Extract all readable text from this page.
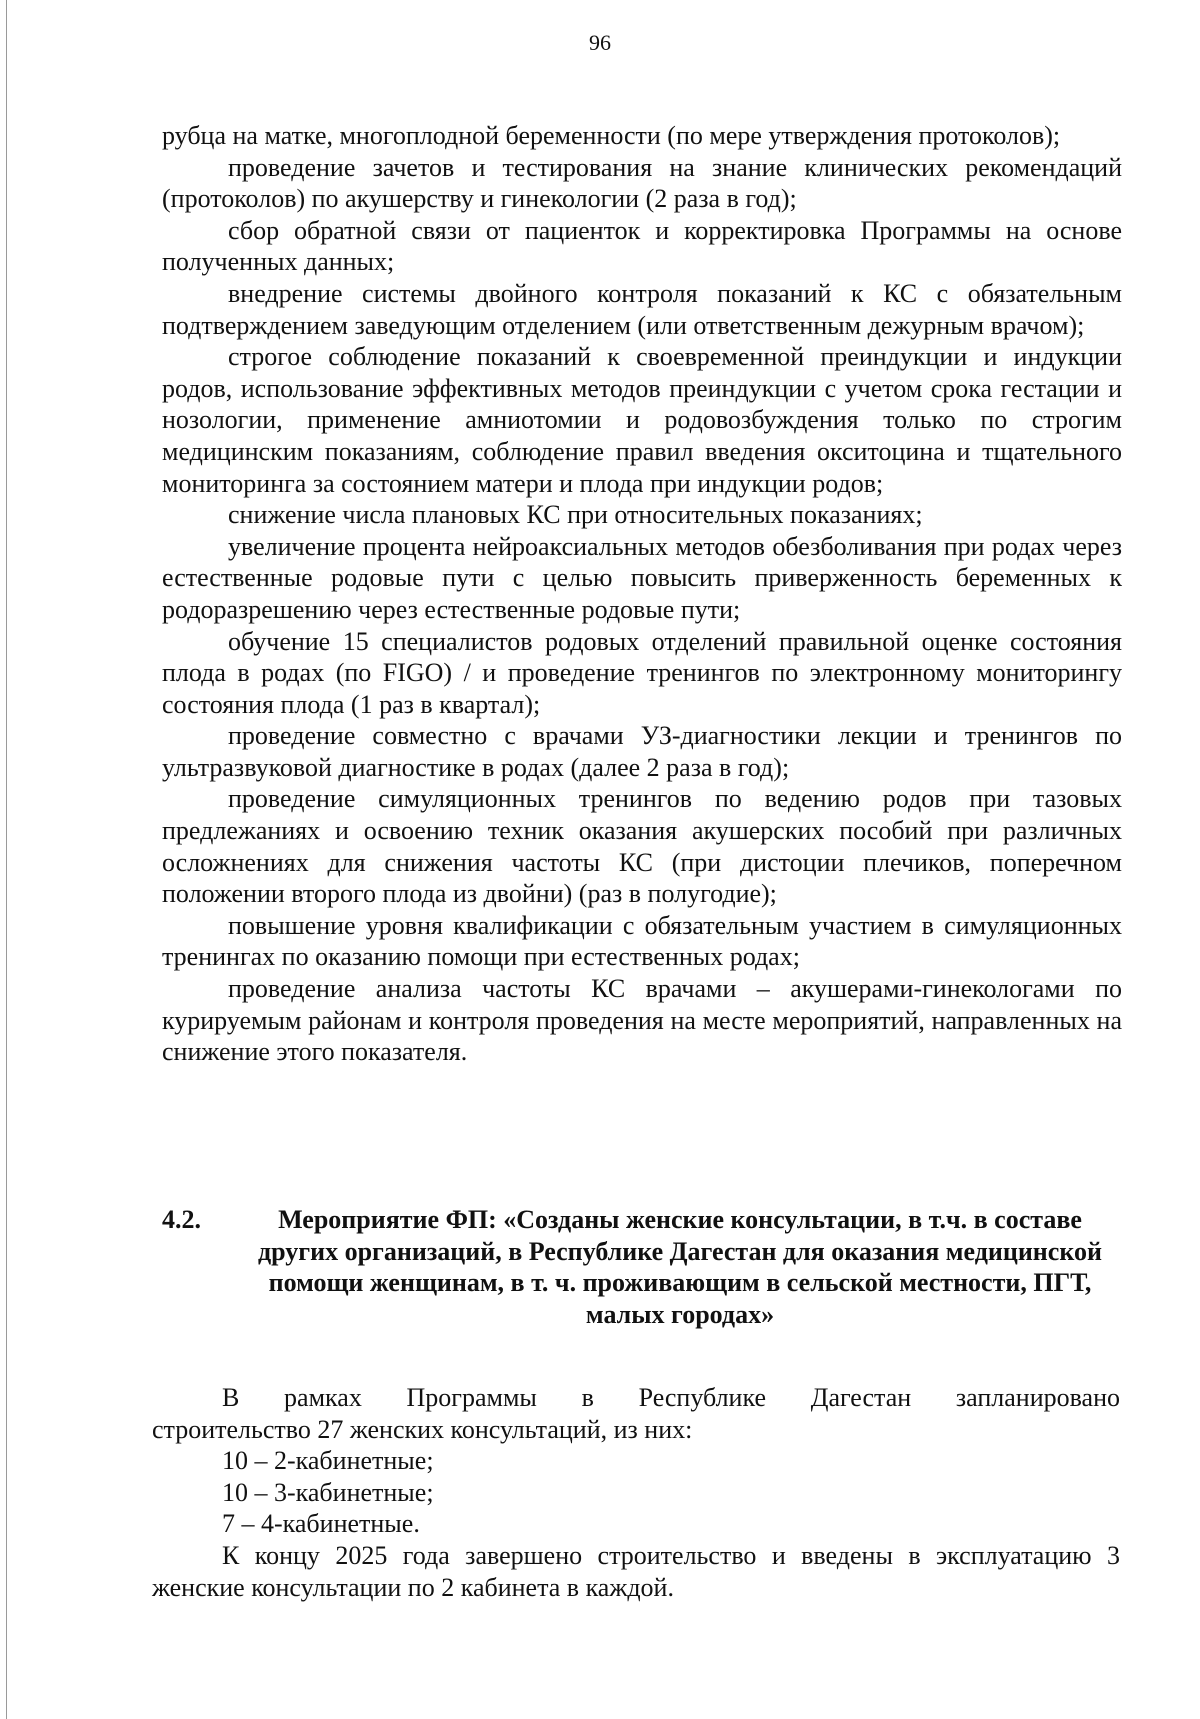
96

рубца на матке, многоплодной беременности (по мере утверждения протоколов);

проведение зачетов и тестирования на знание клинических рекомендаций (протоколов) по акушерству и гинекологии (2 раза в год);

сбор обратной связи от пациенток и корректировка Программы на основе полученных данных;

внедрение системы двойного контроля показаний к КС с обязательным подтверждением заведующим отделением (или ответственным дежурным врачом);

строгое соблюдение показаний к своевременной преиндукции и индукции родов, использование эффективных методов преиндукции с учетом срока гестации и нозологии, применение амниотомии и родовозбуждения только по строгим медицинским показаниям, соблюдение правил введения окситоцина и тщательного мониторинга за состоянием матери и плода при индукции родов;

снижение числа плановых КС при относительных показаниях;

увеличение процента нейроаксиальных методов обезболивания при родах через естественные родовые пути с целью повысить приверженность беременных к родоразрешению через естественные родовые пути;

обучение 15 специалистов родовых отделений правильной оценке состояния плода в родах (по FIGO) / и проведение тренингов по электронному мониторингу состояния плода (1 раз в квартал);

проведение совместно с врачами УЗ-диагностики лекции и тренингов по ультразвуковой диагностике в родах (далее 2 раза в год);

проведение симуляционных тренингов по ведению родов при тазовых предлежаниях и освоению техник оказания акушерских пособий при различных осложнениях для снижения частоты КС (при дистоции плечиков, поперечном положении второго плода из двойни) (раз в полугодие);

повышение уровня квалификации с обязательным участием в симуляционных тренингах по оказанию помощи при естественных родах;

проведение анализа частоты КС врачами – акушерами-гинекологами по курируемым районам и контроля проведения на месте мероприятий, направленных на снижение этого показателя.

4.2.	Мероприятие ФП: «Созданы женские консультации, в т.ч. в составе других организаций, в Республике Дагестан для оказания медицинской помощи женщинам, в т. ч. проживающим в сельской местности, ПГТ, малых городах»

В рамках Программы в Республике Дагестан запланировано

строительство 27 женских консультаций, из них:

10 – 2-кабинетные;

10 – 3-кабинетные;

7 – 4-кабинетные.

К концу 2025 года завершено строительство и введены в эксплуатацию 3 женские консультации по 2 кабинета в каждой.
